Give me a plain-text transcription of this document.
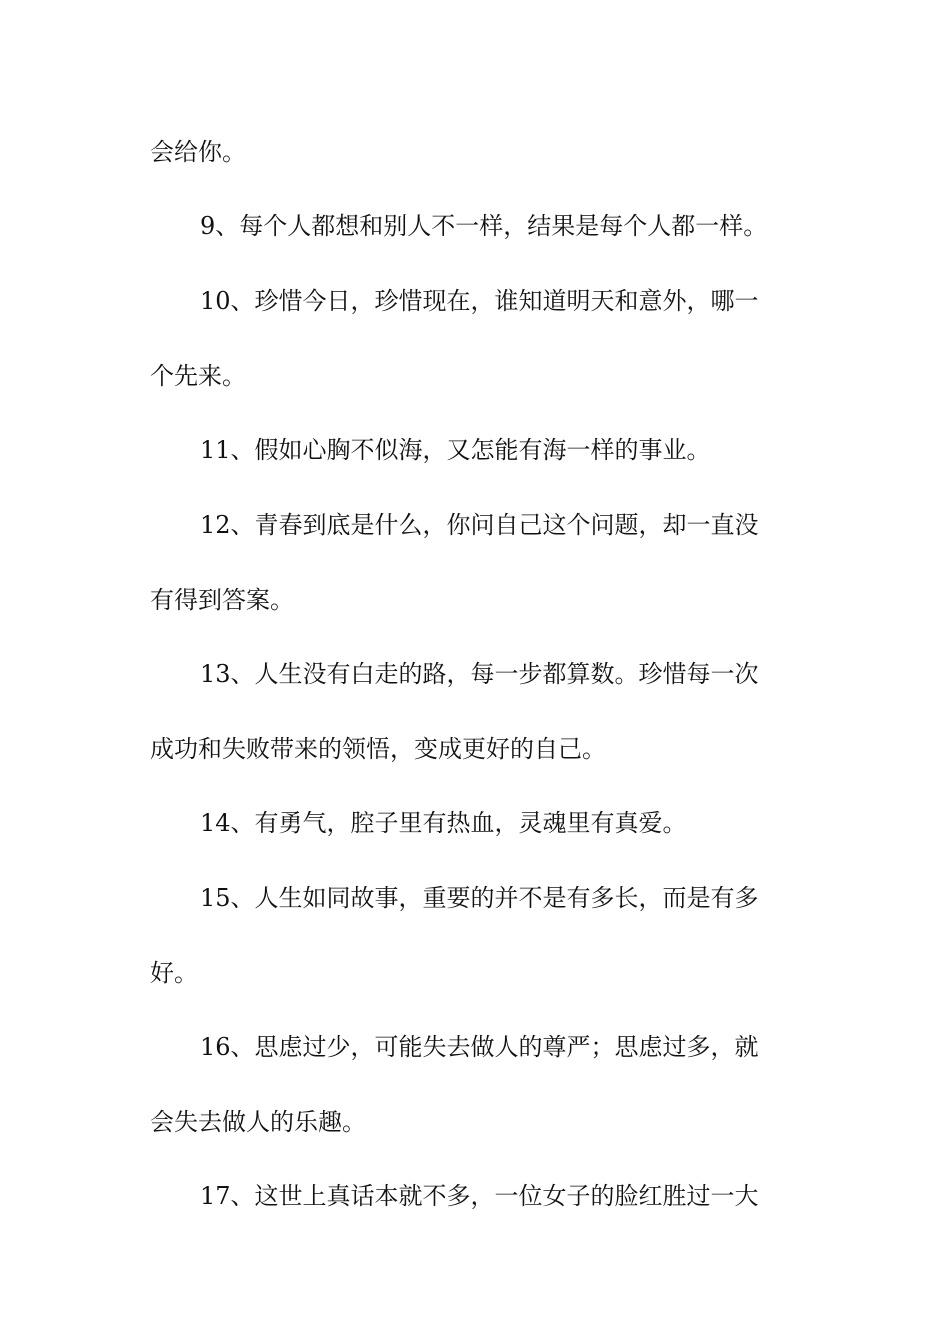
会给你。
9、每个人都想和别人不一样，结果是每个人都一样。
10、珍惜今日，珍惜现在，谁知道明天和意外，哪一
个先来。
11、假如心胸不似海，又怎能有海一样的事业。
12、青春到底是什么，你问自己这个问题，却一直没
有得到答案。
13、人生没有白走的路，每一步都算数。珍惜每一次
成功和失败带来的领悟，变成更好的自己。
14、有勇气，腔子里有热血，灵魂里有真爱。
15、人生如同故事，重要的并不是有多长，而是有多
好。
16、思虑过少，可能失去做人的尊严；思虑过多，就
会失去做人的乐趣。
17、这世上真话本就不多，一位女子的脸红胜过一大
